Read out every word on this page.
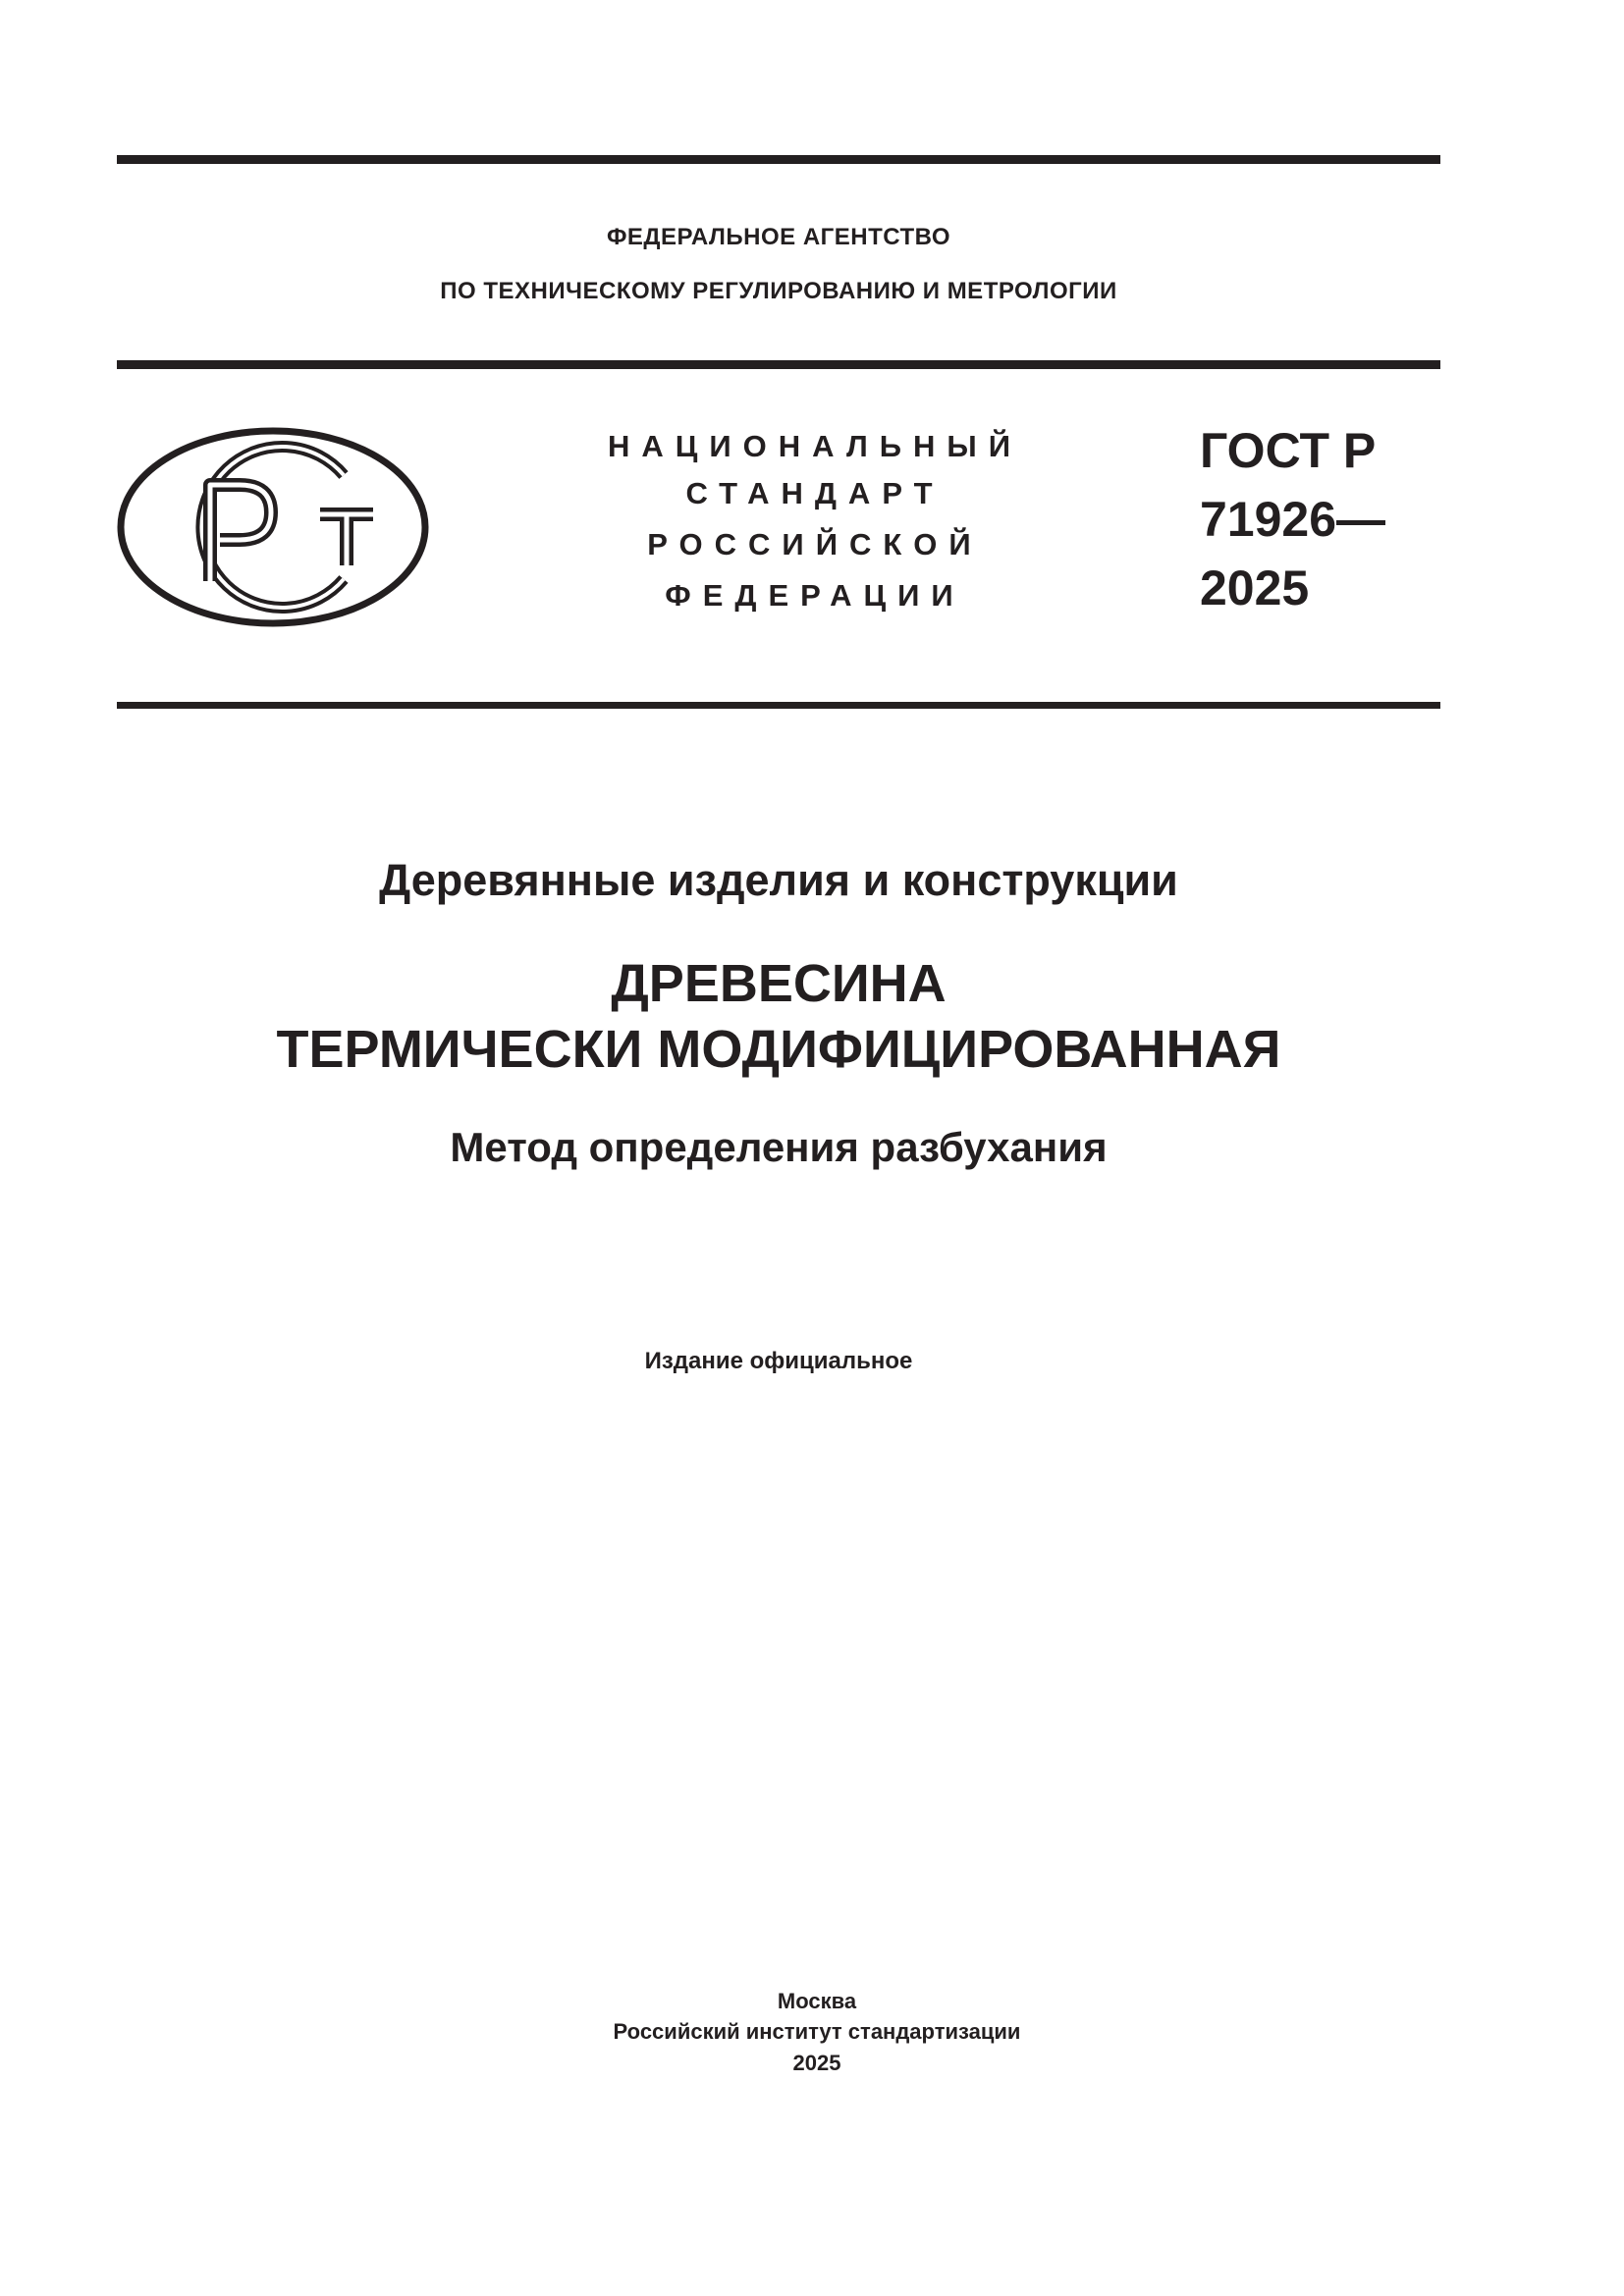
ФЕДЕРАЛЬНОЕ АГЕНТСТВО
ПО ТЕХНИЧЕСКОМУ РЕГУЛИРОВАНИЮ И МЕТРОЛОГИИ
НАЦИОНАЛЬНЫЙ
СТАНДАРТ
РОССИЙСКОЙ
ФЕДЕРАЦИИ
ГОСТ Р
71926—
2025
Деревянные изделия и конструкции
ДРЕВЕСИНА
ТЕРМИЧЕСКИ МОДИФИЦИРОВАННАЯ
Метод определения разбухания
Издание официальное
Москва
Российский институт стандартизации
2025
